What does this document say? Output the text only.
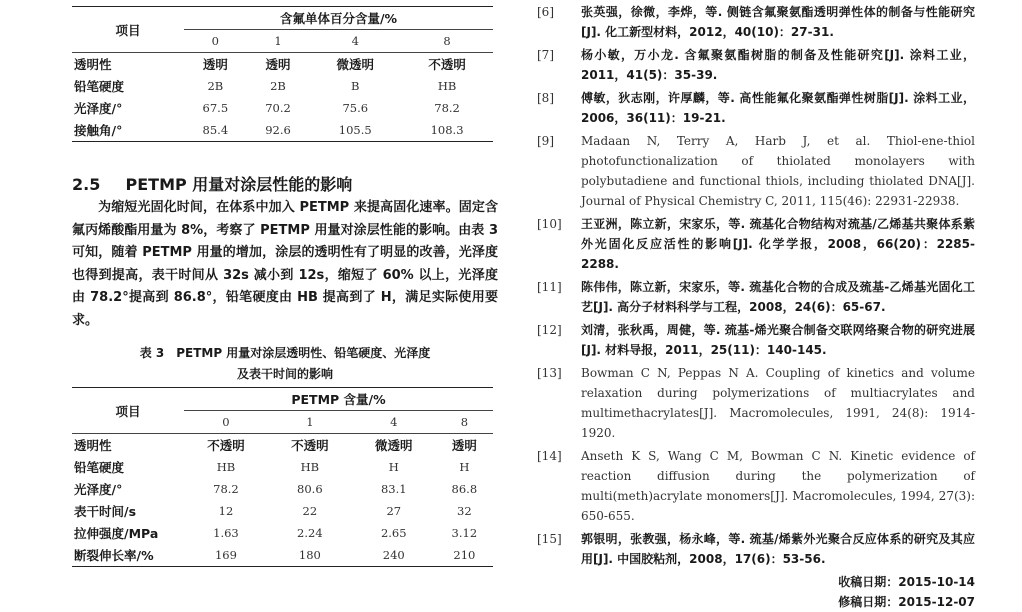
项目	含氟单体百分含量/%			
	0	1	4	8
透明性	透明	透明	微透明	不透明
铅笔硬度	2B	2B	B	HB
光泽度/°	67.5	70.2	75.6	78.2
接触角/°	85.4	92.6	105.5	108.3
2.5 PETMP 用量对涂层性能的影响
为缩短光固化时间，在体系中加入 PETMP 来提高固化速率。固定含氟丙烯酸酯用量为 8%，考察了 PETMP 用量对涂层性能的影响。由表 3 可知，随着 PETMP 用量的增加，涂层的透明性有了明显的改善，光泽度也得到提高，表干时间从 32s 减小到 12s，缩短了 60% 以上，光泽度由 78.2°提高到 86.8°，铅笔硬度由 HB 提高到了 H，满足实际使用要求。
表 3　PETMP 用量对涂层透明性、铅笔硬度、光泽度
及表干时间的影响
项目	PETMP 含量/%			
	0	1	4	8
透明性	不透明	不透明	微透明	透明
铅笔硬度	HB	HB	H	H
光泽度/°	78.2	80.6	83.1	86.8
表干时间/s	12	22	27	32
拉伸强度/MPa	1.63	2.24	2.65	3.12
断裂伸长率/%	169	180	240	210
[6]	张英强，徐微，李烨，等. 侧链含氟聚氨酯透明弹性体的制备与性能研究[J]. 化工新型材料，2012，40(10)：27-31.
[7]	杨小敏，万小龙. 含氟聚氨酯树脂的制备及性能研究[J]. 涂料工业，2011，41(5)：35-39.
[8]	傅敏，狄志刚，许厚麟，等. 高性能氟化聚氨酯弹性树脂[J]. 涂料工业，2006，36(11)：19-21.
[9]	Madaan N, Terry A, Harb J, et al. Thiol-ene-thiol photofunctionalization of thiolated monolayers with polybutadiene and functional thiols, including thiolated DNA[J]. Journal of Physical Chemistry C, 2011, 115(46): 22931-22938.
[10]	王亚洲，陈立新，宋家乐，等. 巯基化合物结构对巯基/乙烯基共聚体系紫外光固化反应活性的影响[J]. 化学学报，2008，66(20)：2285-2288.
[11]	陈伟伟，陈立新，宋家乐，等. 巯基化合物的合成及巯基-乙烯基光固化工艺[J]. 高分子材料科学与工程，2008，24(6)：65-67.
[12]	刘清，张秋禹，周健，等. 巯基-烯光聚合制备交联网络聚合物的研究进展[J]. 材料导报，2011，25(11)：140-145.
[13]	Bowman C N, Peppas N A. Coupling of kinetics and volume relaxation during polymerizations of multiacrylates and multimethacrylates[J]. Macromolecules, 1991, 24(8): 1914-1920.
[14]	Anseth K S, Wang C M, Bowman C N. Kinetic evidence of reaction diffusion during the polymerization of multi(meth)acrylate monomers[J]. Macromolecules, 1994, 27(3): 650-655.
[15]	郭银明，张教强，杨永峰，等. 巯基/烯紫外光聚合反应体系的研究及其应用[J]. 中国胶粘剂，2008，17(6)：53-56.
收稿日期：2015-10-14
修稿日期：2015-12-07
